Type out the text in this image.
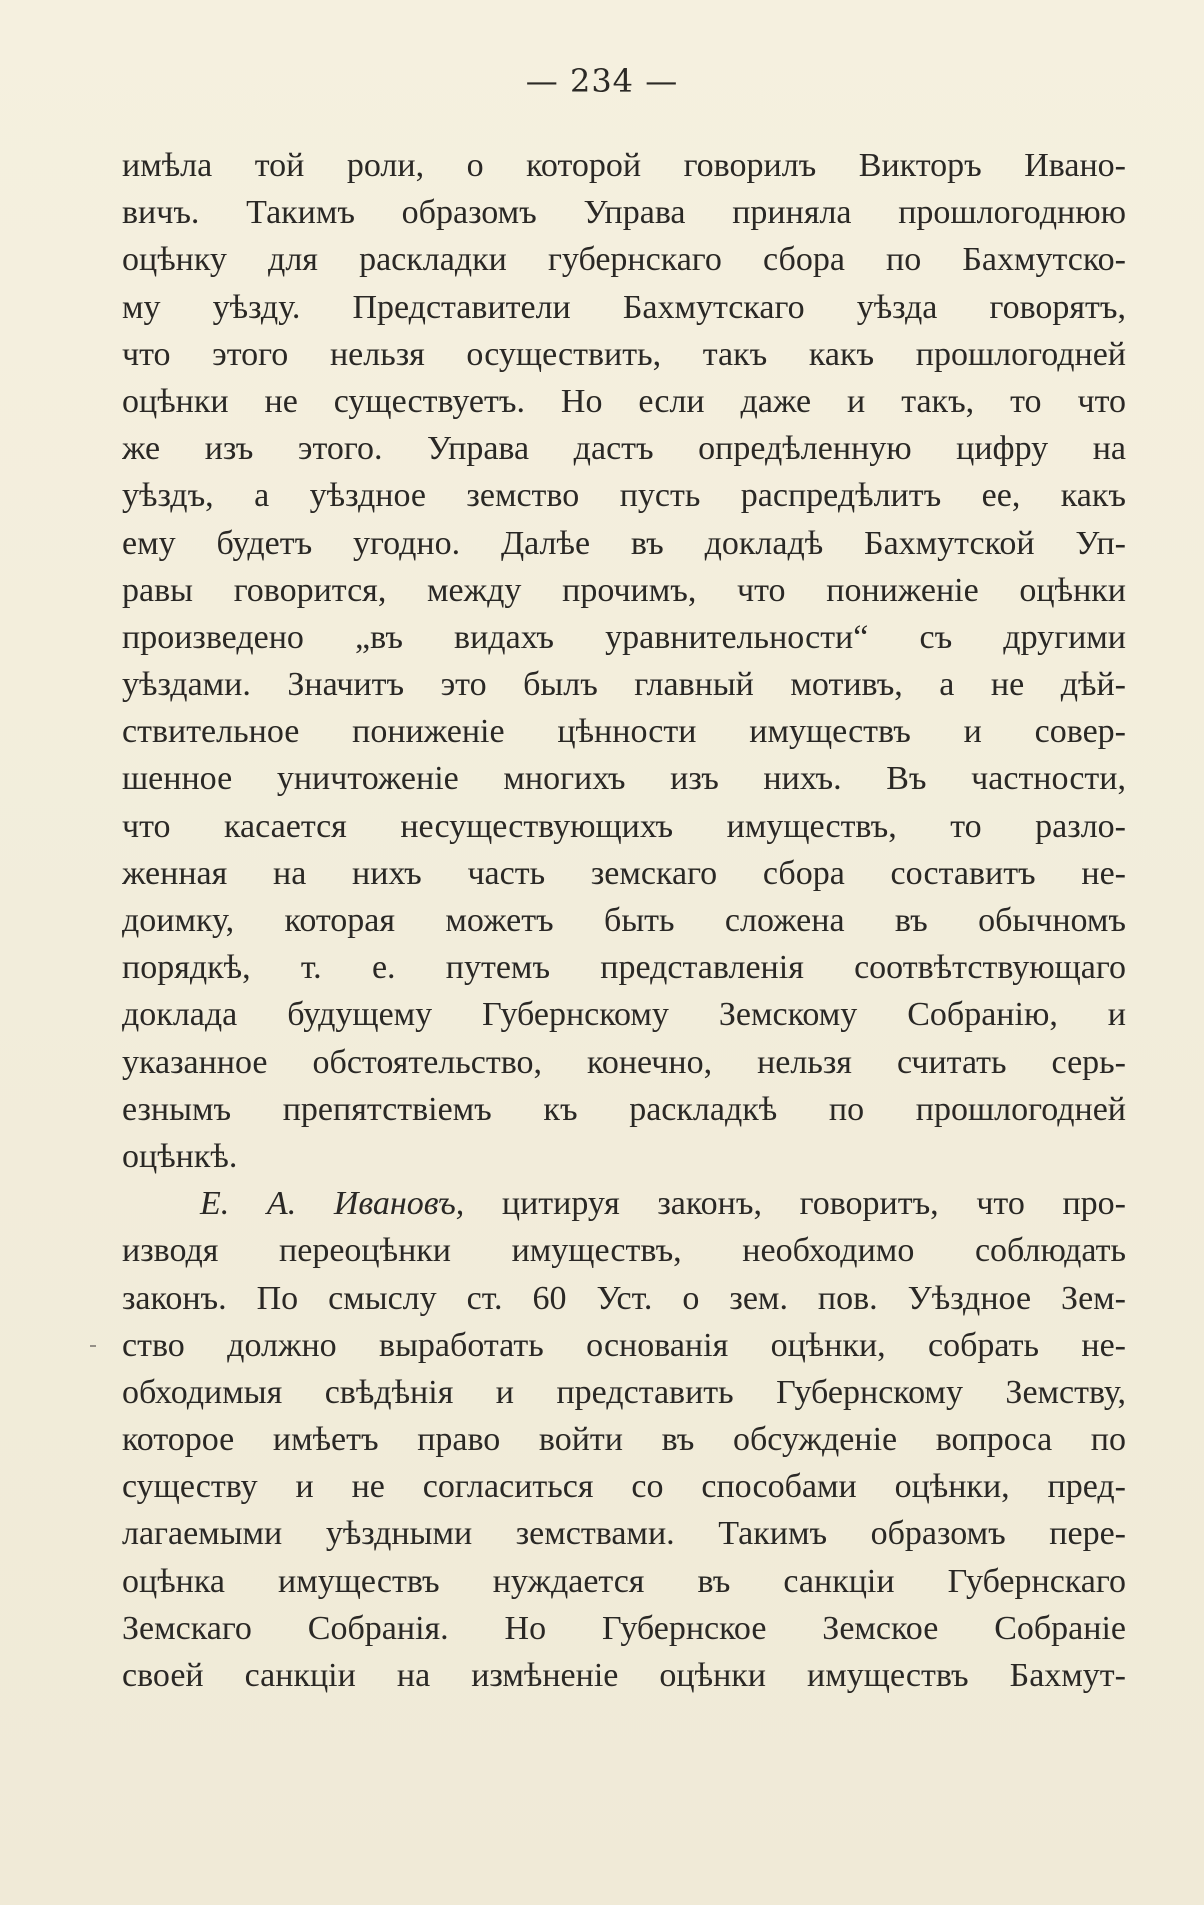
— 234 —
имѣла той роли, о которой говорилъ Викторъ Ивано-
вичъ. Такимъ образомъ Управа приняла прошлогоднюю
оцѣнку для раскладки губернскаго сбора по Бахмутско-
му уѣзду. Представители Бахмутскаго уѣзда говорятъ,
что этого нельзя осуществить, такъ какъ прошлогодней
оцѣнки не существуетъ. Но если даже и такъ, то что
же изъ этого. Управа дастъ опредѣленную цифру на
уѣздъ, а уѣздное земство пусть распредѣлитъ ее, какъ
ему будетъ угодно. Далѣе въ докладѣ Бахмутской Уп-
равы говорится, между прочимъ, что пониженіе оцѣнки
произведено „въ видахъ уравнительности“ съ другими
уѣздами. Значитъ это былъ главный мотивъ, а не дѣй-
ствительное пониженіе цѣнности имуществъ и совер-
шенное уничтоженіе многихъ изъ нихъ. Въ частности,
что касается несуществующихъ имуществъ, то разло-
женная на нихъ часть земскаго сбора составитъ не-
доимку, которая можетъ быть сложена въ обычномъ
порядкѣ, т. е. путемъ представленія соотвѣтствующаго
доклада будущему Губернскому Земскому Собранію, и
указанное обстоятельство, конечно, нельзя считать серь-
езнымъ препятствіемъ къ раскладкѣ по прошлогодней
оцѣнкѣ.
Е. А. Ивановъ, цитируя законъ, говоритъ, что про-
изводя переоцѣнки имуществъ, необходимо соблюдать
законъ. По смыслу ст. 60 Уст. о зем. пов. Уѣздное Зем-
ство должно выработать основанія оцѣнки, собрать не-
обходимыя свѣдѣнія и представить Губернскому Земству,
которое имѣетъ право войти въ обсужденіе вопроса по
существу и не согласиться со способами оцѣнки, пред-
лагаемыми уѣздными земствами. Такимъ образомъ пере-
оцѣнка имуществъ нуждается въ санкціи Губернскаго
Земскаго Собранія. Но Губернское Земское Собраніе
своей санкціи на измѣненіе оцѣнки имуществъ Бахмут-
